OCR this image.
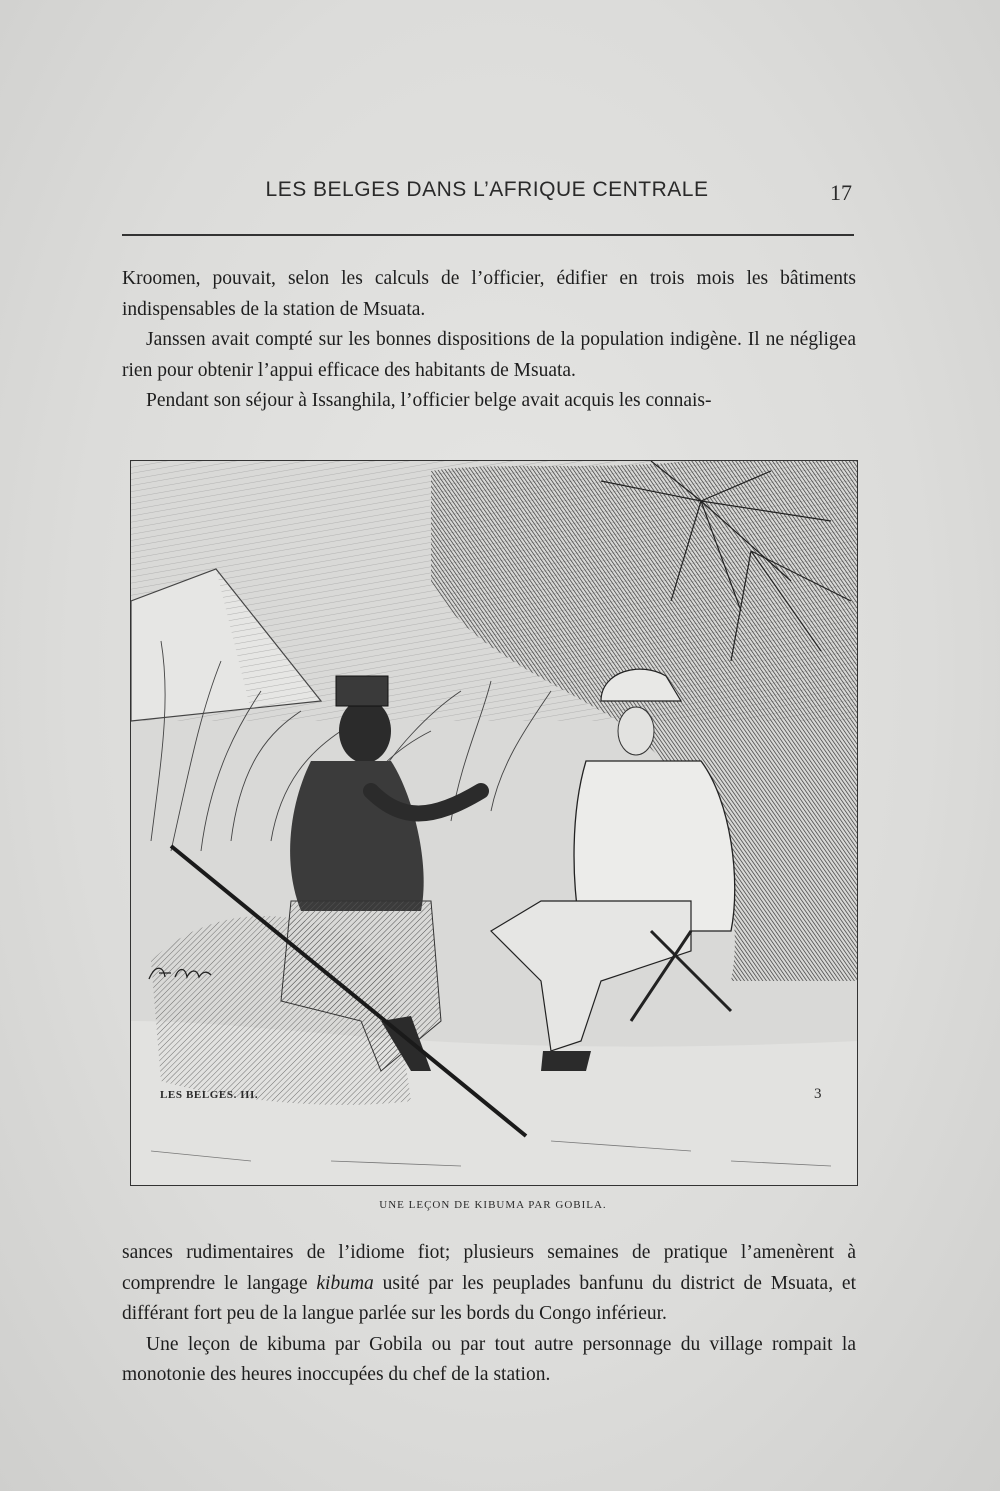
LES BELGES DANS L’AFRIQUE CENTRALE	17

Kroomen, pouvait, selon les calculs de l’officier, édifier en trois mois les bâtiments indispensables de la station de Msuata.

Janssen avait compté sur les bonnes dispositions de la population indigène. Il ne négligea rien pour obtenir l’appui efficace des habitants de Msuata.

Pendant son séjour à Issanghila, l’officier belge avait acquis les connais-

UNE LEÇON DE KIBUMA PAR GOBILA.

sances rudimentaires de l’idiome fiot; plusieurs semaines de pratique l’amenèrent à comprendre le langage kibuma usité par les peuplades banfunu du district de Msuata, et différant fort peu de la langue parlée sur les bords du Congo inférieur.

Une leçon de kibuma par Gobila ou par tout autre personnage du village rompait la monotonie des heures inoccupées du chef de la station.

LES BELGES. III.	3
